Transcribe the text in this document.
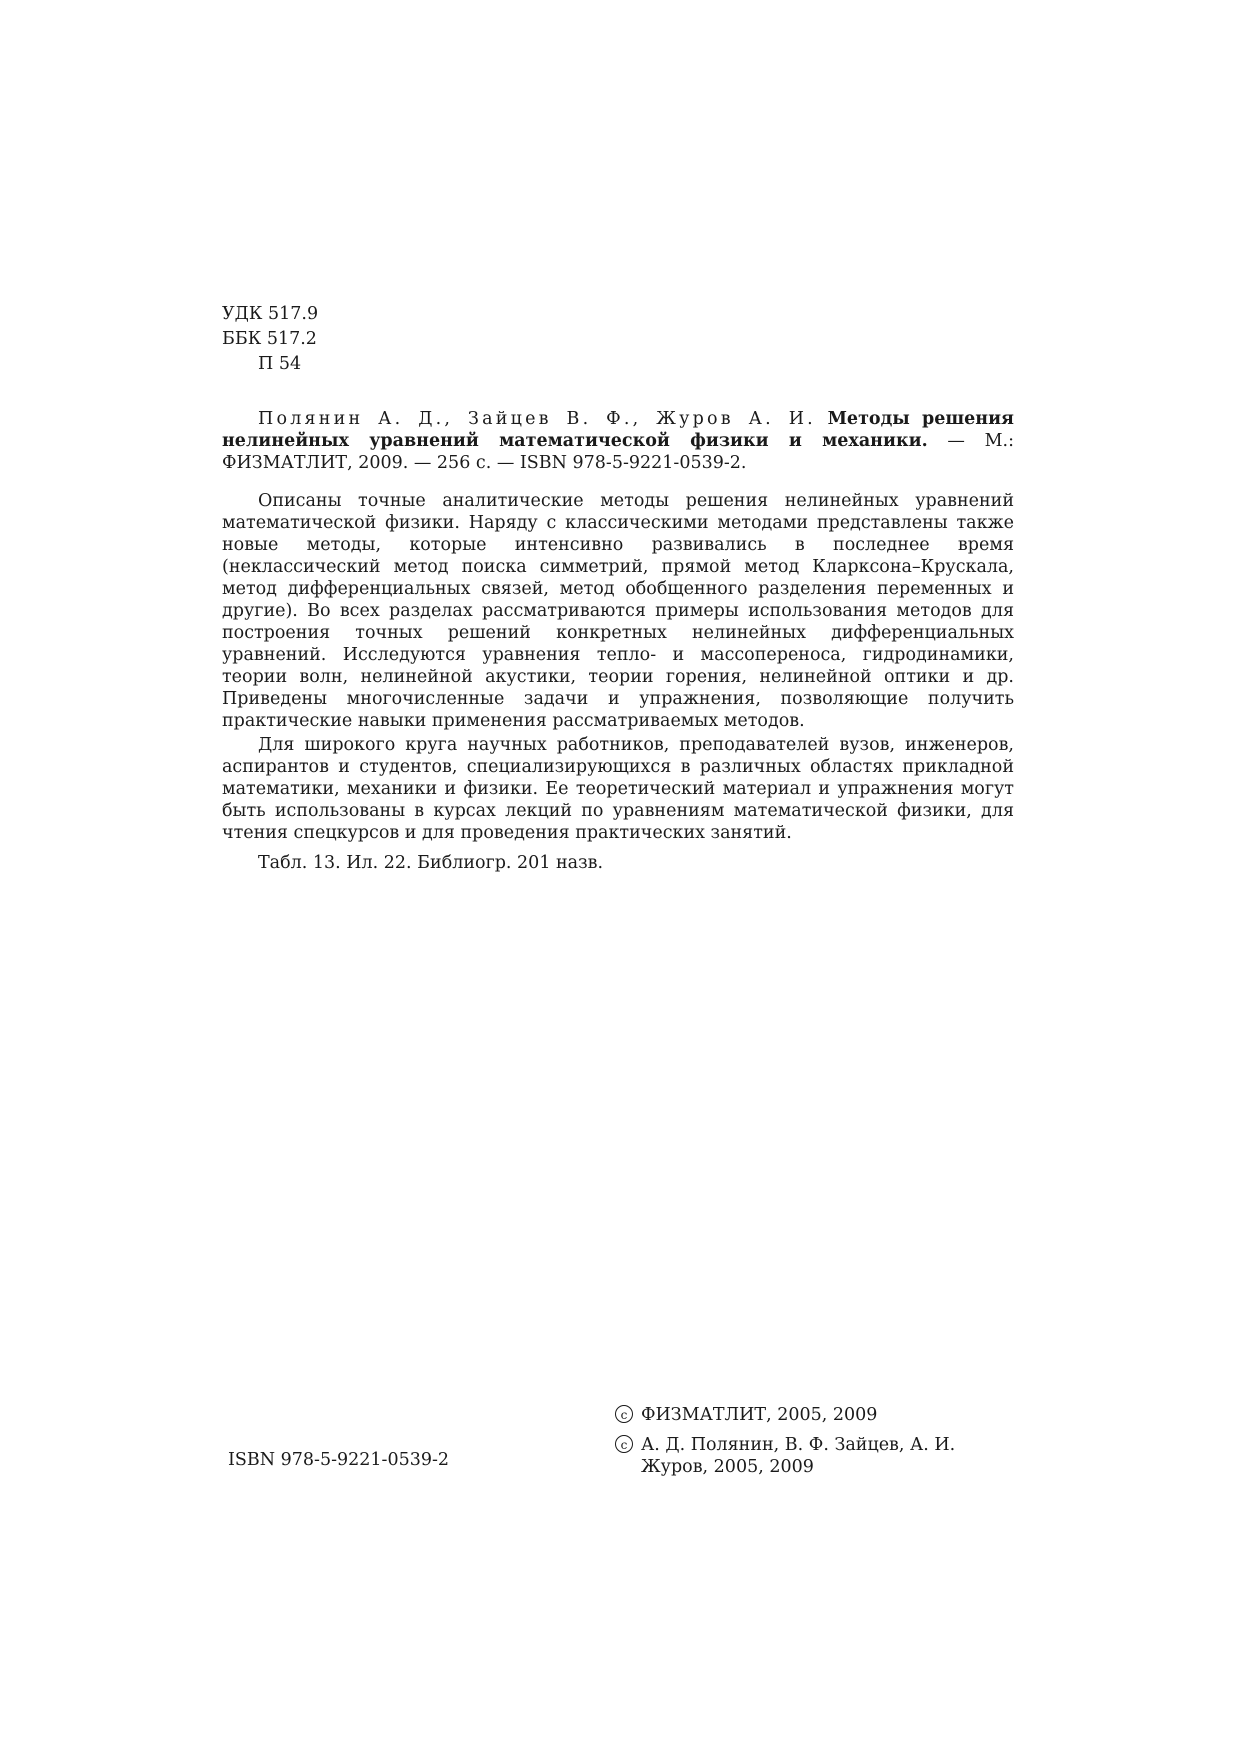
УДК 517.9
ББК 517.2
П 54
Полянин А. Д., Зайцев В. Ф., Журов А. И. Методы решения нелинейных уравнений математической физики и механики. — М.: ФИЗМАТЛИТ, 2009. — 256 с. — ISBN 978-5-9221-0539-2.

Описаны точные аналитические методы решения нелинейных уравнений математической физики. Наряду с классическими методами представлены также новые методы, которые интенсивно развивались в последнее время (неклассический метод поиска симметрий, прямой метод Кларксона–Крускала, метод дифференциальных связей, метод обобщенного разделения переменных и другие). Во всех разделах рассматриваются примеры использования методов для построения точных решений конкретных нелинейных дифференциальных уравнений. Исследуются уравнения тепло- и массопереноса, гидродинамики, теории волн, нелинейной акустики, теории горения, нелинейной оптики и др. Приведены многочисленные задачи и упражнения, позволяющие получить практические навыки применения рассматриваемых методов.

Для широкого круга научных работников, преподавателей вузов, инженеров, аспирантов и студентов, специализирующихся в различных областях прикладной математики, механики и физики. Ее теоретический материал и упражнения могут быть использованы в курсах лекций по уравнениям математической физики, для чтения спецкурсов и для проведения практических занятий.

Табл. 13. Ил. 22. Библиогр. 201 назв.

ISBN 978-5-9221-0539-2
c ФИЗМАТЛИТ, 2005, 2009
c А. Д. Полянин, В. Ф. Зайцев, А. И. Журов, 2005, 2009
